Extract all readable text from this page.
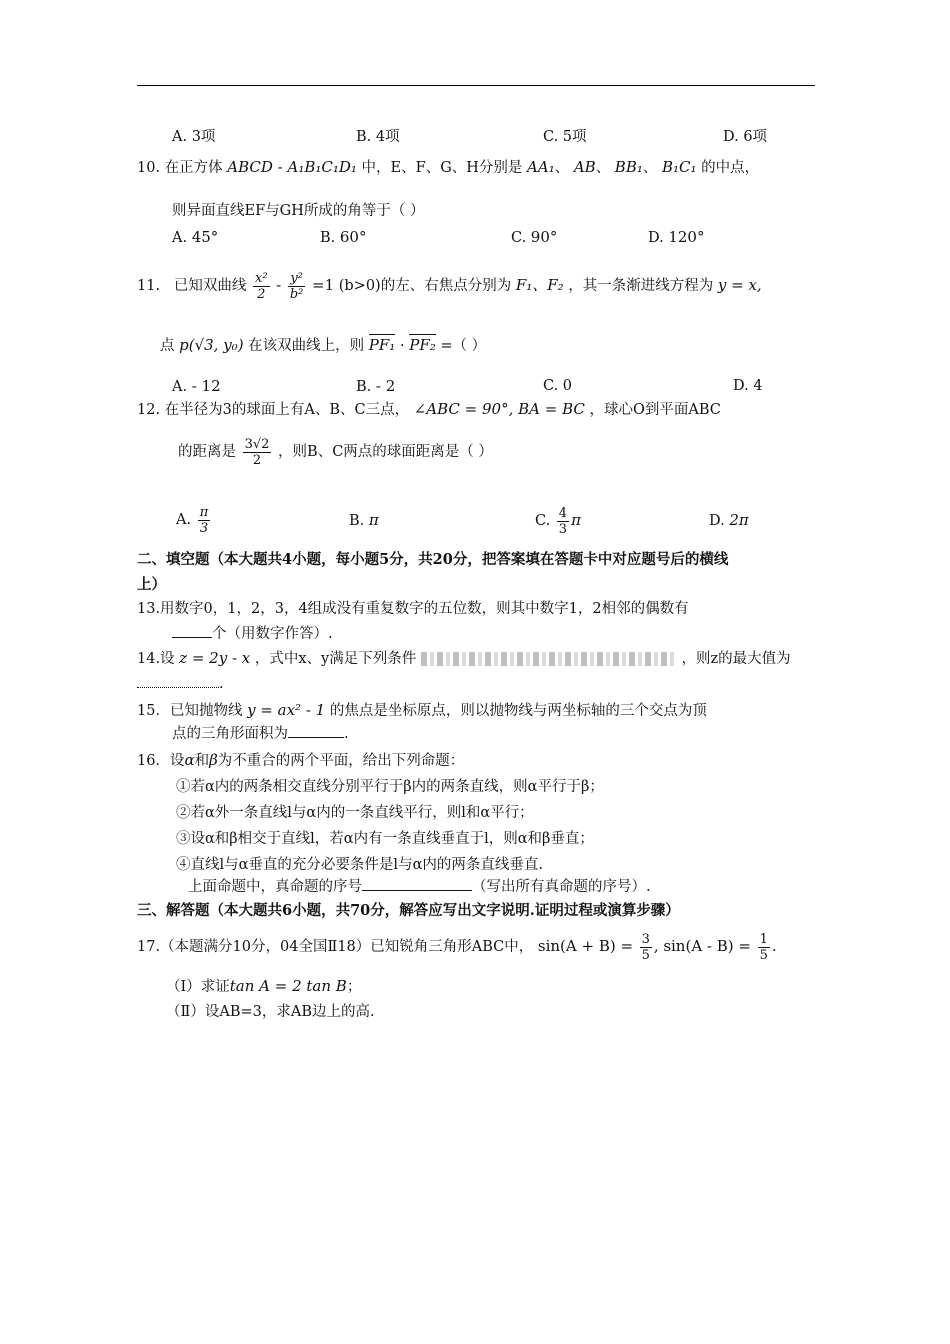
A. 3项	B. 4项	C. 5项	D. 6项
10. 在正方体 ABCD - A₁B₁C₁D₁ 中，E、F、G、H分别是 AA₁、 AB、 BB₁、 B₁C₁ 的中点，
则异面直线EF与GH所成的角等于（ ）
A. 45°	B. 60°	C. 90°	D. 120°
11. 已知双曲线 $\frac{\text{x²}}{2} - \frac{\text{y²}}{\text{b²}} =1$ (b>0)的左、右焦点分别为 F₁、F₂ ，其一条渐进线方程为 y = x,
点 p(√3, y₀) 在该双曲线上，则 PF₁ · PF₂ =（ ）
A. - 12	B. - 2	C. 0	D. 4
12. 在半径为3的球面上有A、B、C三点， ∠ABC = 90°, BA = BC ，球心O到平面ABC
的距离是 $\frac{3√2}{2}$ ，则B、C两点的球面距离是（ ）
A. $\frac{\pi}{3}$	B. π	C. $\frac{4}{3}$ π	D. 2π
二、填空题（本大题共4小题，每小题5分，共20分，把答案填在答题卡中对应题号后的横线
上）
13.用数字0，1，2，3，4组成没有重复数字的五位数，则其中数字1，2相邻的偶数有
个（用数字作答）.
14.设 z = 2y - x ，式中x、y满足下列条件	，则z的最大值为
.
15．已知抛物线 y = ax² - 1 的焦点是坐标原点，则以抛物线与两坐标轴的三个交点为顶
点的三角形面积为	.
16．设α和β为不重合的两个平面，给出下列命题：
①若α内的两条相交直线分别平行于β内的两条直线，则α平行于β；
②若α外一条直线l与α内的一条直线平行，则l和α平行；
③设α和β相交于直线l，若α内有一条直线垂直于l，则α和β垂直；
④直线l与α垂直的充分必要条件是l与α内的两条直线垂直.
上面命题中，真命题的序号	（写出所有真命题的序号）.
三、解答题（本大题共6小题，共70分，解答应写出文字说明.证明过程或演算步骤）
17.（本题满分10分，04全国Ⅱ18）已知锐角三角形ABC中， $\sin(A + B) = \frac{3}{5}$ , $\sin(A - B) = \frac{1}{5}$ .
（Ⅰ）求证tan A = 2 tan B；
（Ⅱ）设AB=3，求AB边上的高.
